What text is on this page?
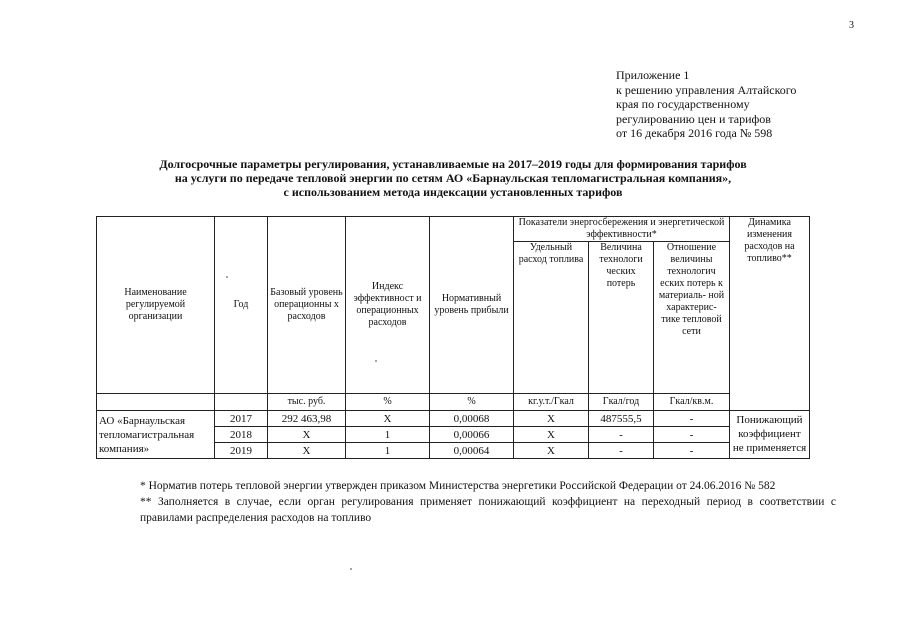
3
Приложение 1
к решению управления Алтайского
края по государственному
регулированию цен и тарифов
от 16 декабря 2016 года № 598
Долгосрочные параметры регулирования, устанавливаемые на 2017–2019 годы для формирования тарифов
на услуги по передаче тепловой энергии по сетям АО «Барнаульская тепломагистральная компания»,
с использованием метода индексации установленных тарифов
Наименование регулируемой организации	Год	Базовый уровень операционны х расходов	Индекс эффективност и операционных расходов	Нормативный уровень прибыли	Показатели энергосбережения и энергетической эффективности*			Динамика изменения расходов на топливо**
					Удельный расход топлива	Величина технологи ческих потерь	Отношение величины технологич еских потерь к материаль- ной характерис- тике тепловой сети	
		тыс. руб.	%	%	кг.у.т./Гкал	Гкал/год	Гкал/кв.м.	
АО «Барнаульская тепломагистральная компания»	2017	292 463,98	Х	0,00068	Х	487555,5	-	Понижающий коэффициент не применяется
	2018	Х	1	0,00066	Х	-	-	
	2019	Х	1	0,00064	Х	-	-	

* Норматив потерь тепловой энергии утвержден приказом Министерства энергетики Российской Федерации от 24.06.2016 № 582

** Заполняется в случае, если орган регулирования применяет понижающий коэффициент на переходный период в соответствии с правилами распределения расходов на топливо
